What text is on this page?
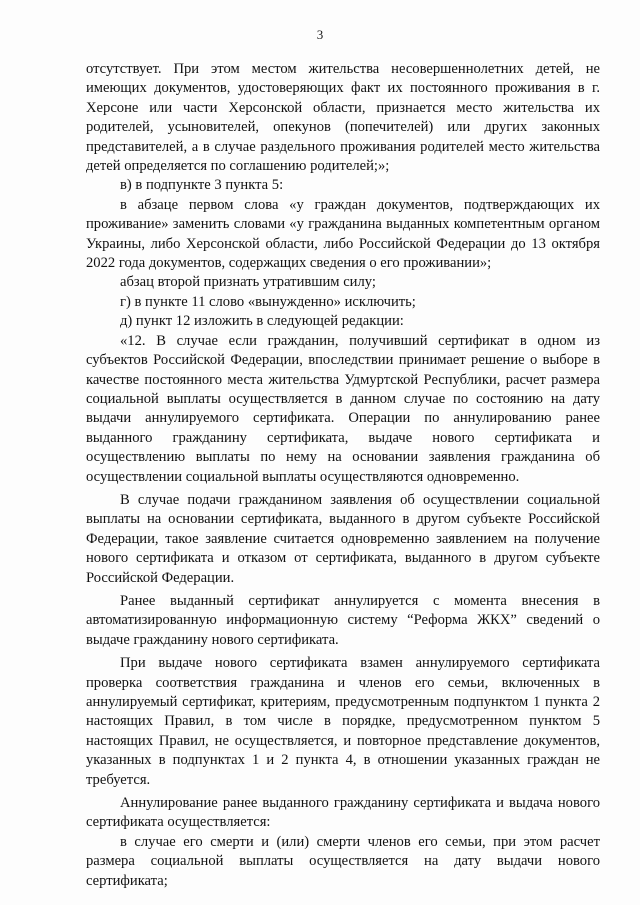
3

отсутствует. При этом местом жительства несовершеннолетних детей, не имеющих документов, удостоверяющих факт их постоянного проживания в г. Херсоне или части Херсонской области, признается место жительства их родителей, усыновителей, опекунов (попечителей) или других законных представителей, а в случае раздельного проживания родителей место жительства детей определяется по соглашению родителей;»;

в) в подпункте 3 пункта 5:

в абзаце первом слова «у граждан документов, подтверждающих их проживание» заменить словами «у гражданина выданных компетентным органом Украины, либо Херсонской области, либо Российской Федерации до 13 октября 2022 года документов, содержащих сведения о его проживании»;

абзац второй признать утратившим силу;

г) в пункте 11 слово «вынужденно» исключить;

д) пункт 12 изложить в следующей редакции:

«12. В случае если гражданин, получивший сертификат в одном из субъектов Российской Федерации, впоследствии принимает решение о выборе в качестве постоянного места жительства Удмуртской Республики, расчет размера социальной выплаты осуществляется в данном случае по состоянию на дату выдачи аннулируемого сертификата. Операции по аннулированию ранее выданного гражданину сертификата, выдаче нового сертификата и осуществлению выплаты по нему на основании заявления гражданина об осуществлении социальной выплаты осуществляются одновременно.

В случае подачи гражданином заявления об осуществлении социальной выплаты на основании сертификата, выданного в другом субъекте Российской Федерации, такое заявление считается одновременно заявлением на получение нового сертификата и отказом от сертификата, выданного в другом субъекте Российской Федерации.

Ранее выданный сертификат аннулируется с момента внесения в автоматизированную информационную систему “Реформа ЖКХ” сведений о выдаче гражданину нового сертификата.

При выдаче нового сертификата взамен аннулируемого сертификата проверка соответствия гражданина и членов его семьи, включенных в аннулируемый сертификат, критериям, предусмотренным подпунктом 1 пункта 2 настоящих Правил, в том числе в порядке, предусмотренном пунктом 5 настоящих Правил, не осуществляется, и повторное представление документов, указанных в подпунктах 1 и 2 пункта 4, в отношении указанных граждан не требуется.

Аннулирование ранее выданного гражданину сертификата и выдача нового сертификата осуществляется:

в случае его смерти и (или) смерти членов его семьи, при этом расчет размера социальной выплаты осуществляется на дату выдачи нового сертификата;
